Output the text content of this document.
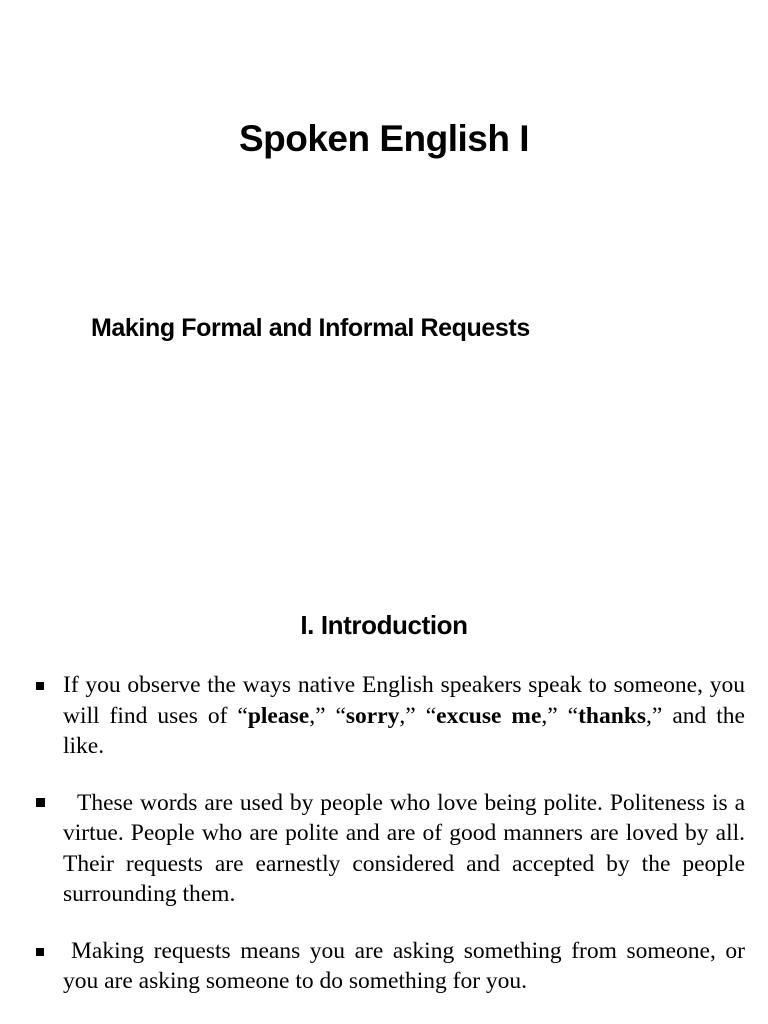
Spoken English I
Making Formal and Informal Requests
I. Introduction
If you observe the ways native English speakers speak to someone, you will find uses of “please,” “sorry,” “excuse me,” “thanks,” and the like.
These words are used by people who love being polite. Politeness is a virtue. People who are polite and are of good manners are loved by all. Their requests are earnestly considered and accepted by the people surrounding them.
Making requests means you are asking something from someone, or you are asking someone to do something for you.
